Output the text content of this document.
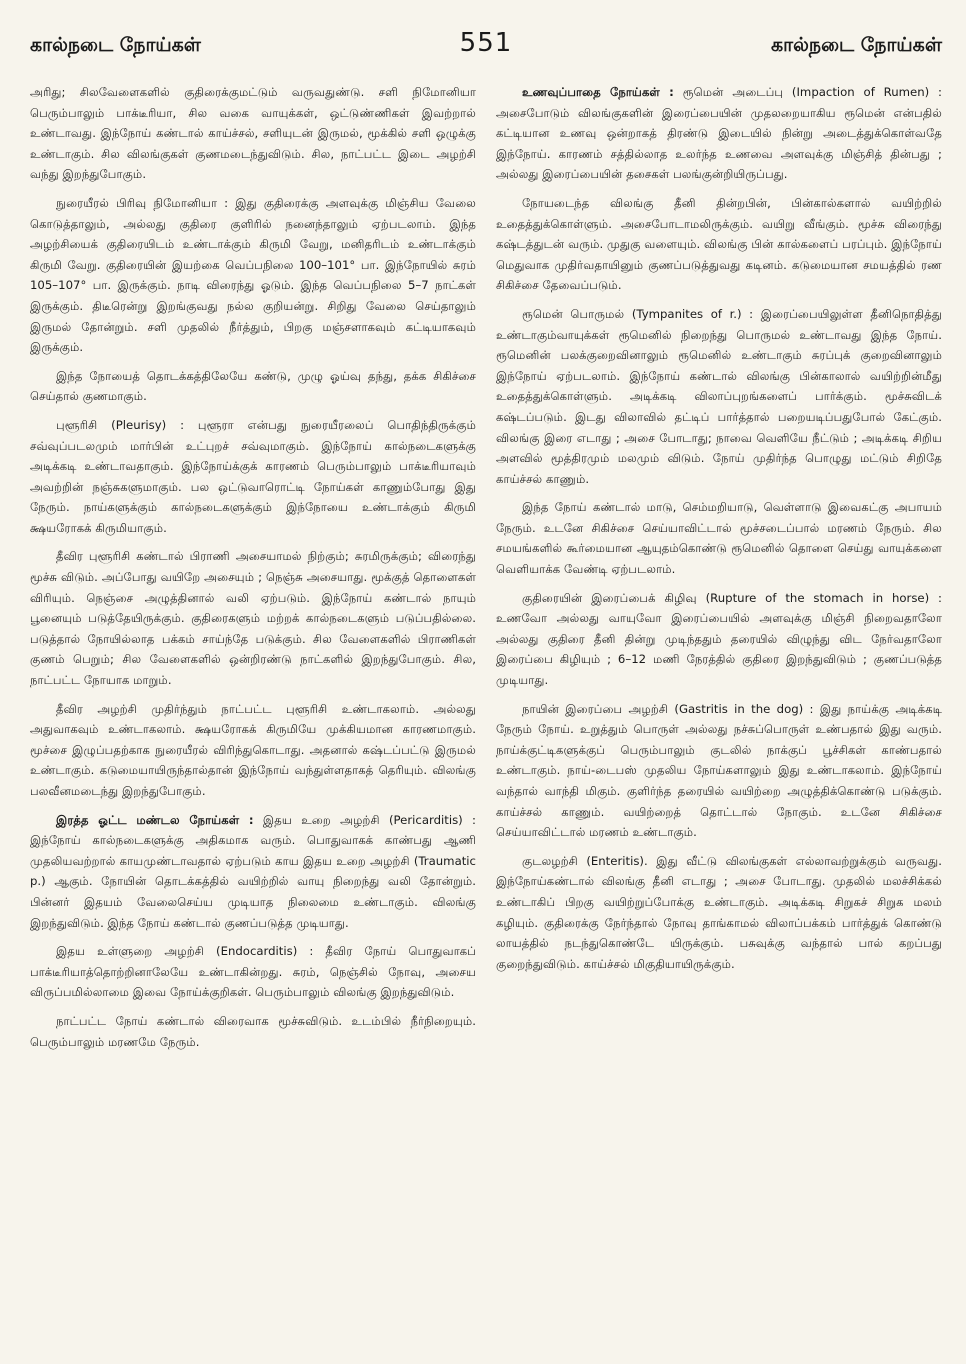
கால்நடை நோய்கள்	551	கால்நடை நோய்கள்

அரிது; சிலவேளைகளில் குதிரைக்குமட்டும் வருவதுண்டு. சளி நிமோனியா பெரும்பாலும் பாக்டீரியா, சில வகை வாயுக்கள், ஒட்டுண்ணிகள் இவற்றால் உண்டாவது. இந்நோய் கண்டால் காய்ச்சல், சளியுடன் இருமல், மூக்கில் சளி ஒழுக்கு உண்டாகும். சில விலங்குகள் குணமடைந்துவிடும். சில, நாட்பட்ட இடை அழற்சி வந்து இறந்துபோகும்.

நுரையீரல் பிரிவு நிமோனியா : இது குதிரைக்கு அளவுக்கு மிஞ்சிய வேலை கொடுத்தாலும், அல்லது குதிரை குளிரில் நனைந்தாலும் ஏற்படலாம். இந்த அழற்சியைக் குதிரையிடம் உண்டாக்கும் கிருமி வேறு, மனிதரிடம் உண்டாக்கும் கிருமி வேறு. குதிரையின் இயற்கை வெப்பநிலை 100–101° பா. இந்நோயில் சுரம் 105–107° பா. இருக்கும். நாடி விரைந்து ஓடும். இந்த வெப்பநிலை 5–7 நாட்கள் இருக்கும். திடீரென்று இறங்குவது நல்ல குறியன்று. சிறிது வேலை செய்தாலும் இருமல் தோன்றும். சளி முதலில் நீர்த்தும், பிறகு மஞ்சளாகவும் கட்டியாகவும் இருக்கும்.

இந்த நோயைத் தொடக்கத்திலேயே கண்டு, முழு ஓய்வு தந்து, தக்க சிகிச்சை செய்தால் குணமாகும்.

புளூரிசி (Pleurisy) : புளூரா என்பது நுரையீரலைப் பொதிந்திருக்கும் சவ்வுப்படலமும் மார்பின் உட்புறச் சவ்வுமாகும். இந்நோய் கால்நடைகளுக்கு அடிக்கடி உண்டாவதாகும். இந்நோய்க்குக் காரணம் பெரும்பாலும் பாக்டீரியாவும் அவற்றின் நஞ்சுகளுமாகும். பல ஒட்டுவாரொட்டி நோய்கள் காணும்போது இது நேரும். நாய்களுக்கும் கால்நடைகளுக்கும் இந்நோயை உண்டாக்கும் கிருமி க்ஷயரோகக் கிருமியாகும்.

தீவிர புளூரிசி கண்டால் பிராணி அசையாமல் நிற்கும்; சுரமிருக்கும்; விரைந்து மூச்சு விடும். அப்போது வயிறே அசையும் ; நெஞ்சு அசையாது. மூக்குத் தொளைகள் விரியும். நெஞ்சை அழுத்தினால் வலி ஏற்படும். இந்நோய் கண்டால் நாயும் பூனையும் படுத்தேயிருக்கும். குதிரைகளும் மற்றக் கால்நடைகளும் படுப்பதில்லை. படுத்தால் நோயில்லாத பக்கம் சாய்ந்தே படுக்கும். சில வேளைகளில் பிராணிகள் குணம் பெறும்; சில வேளைகளில் ஒன்றிரண்டு நாட்களில் இறந்துபோகும். சில, நாட்பட்ட நோயாக மாறும்.

தீவிர அழற்சி முதிர்ந்தும் நாட்பட்ட புளூரிசி உண்டாகலாம். அல்லது அதுவாகவும் உண்டாகலாம். க்ஷயரோகக் கிருமியே முக்கியமான காரணமாகும். மூச்சை இழுப்பதற்காக நுரையீரல் விரிந்துகொடாது. அதனால் கஷ்டப்பட்டு இருமல் உண்டாகும். கடுமையாயிருந்தால்தான் இந்நோய் வந்துள்ளதாகத் தெரியும். விலங்கு பலவீனமடைந்து இறந்துபோகும்.

இரத்த ஓட்ட மண்டல நோய்கள் : இதய உறை அழற்சி (Pericarditis) : இந்நோய் கால்நடைகளுக்கு அதிகமாக வரும். பொதுவாகக் காண்பது ஆணி முதலியவற்றால் காயமுண்டாவதால் ஏற்படும் காய இதய உறை அழற்சி (Traumatic p.) ஆகும். நோயின் தொடக்கத்தில் வயிற்றில் வாயு நிறைந்து வலி தோன்றும். பின்னர் இதயம் வேலைசெய்ய முடியாத நிலைமை உண்டாகும். விலங்கு இறந்துவிடும். இந்த நோய் கண்டால் குணப்படுத்த முடியாது.

இதய உள்ளுறை அழற்சி (Endocarditis) : தீவிர நோய் பொதுவாகப் பாக்டீரியாத்தொற்றினாலேயே உண்டாகின்றது. சுரம், நெஞ்சில் நோவு, அசைய விருப்பமில்லாமை இவை நோய்க்குறிகள். பெரும்பாலும் விலங்கு இறந்துவிடும்.

நாட்பட்ட நோய் கண்டால் விரைவாக மூச்சுவிடும். உடம்பில் நீர்நிறையும். பெரும்பாலும் மரணமே நேரும்.

உணவுப்பாதை நோய்கள் : ரூமென் அடைப்பு (Impaction of Rumen) : அசைபோடும் விலங்குகளின் இரைப்பையின் முதலறையாகிய ரூமென் என்பதில் கட்டியான உணவு ஒன்றாகத் திரண்டு இடையில் நின்று அடைத்துக்கொள்வதே இந்நோய். காரணம் சத்தில்லாத உலர்ந்த உணவை அளவுக்கு மிஞ்சித் தின்பது ; அல்லது இரைப்பையின் தசைகள் பலங்குன்றியிருப்பது.

நோயடைந்த விலங்கு தீனி தின்றபின், பின்கால்களால் வயிற்றில் உதைத்துக்கொள்ளும். அசைபோடாமலிருக்கும். வயிறு வீங்கும். மூச்சு விரைந்து கஷ்டத்துடன் வரும். முதுகு வளையும். விலங்கு பின் கால்களைப் பரப்பும். இந்நோய் மெதுவாக முதிர்வதாயினும் குணப்படுத்துவது கடினம். கடுமையான சமயத்தில் ரண சிகிச்சை தேவைப்படும்.

ரூமென் பொருமல் (Tympanites of r.) : இரைப்பையிலுள்ள தீனிநொதித்து உண்டாகும்வாயுக்கள் ரூமெனில் நிறைந்து பொருமல் உண்டாவது இந்த நோய். ரூமெனின் பலக்குறைவினாலும் ரூமெனில் உண்டாகும் சுரப்புக் குறைவினாலும் இந்நோய் ஏற்படலாம். இந்நோய் கண்டால் விலங்கு பின்காலால் வயிற்றின்மீது உதைத்துக்கொள்ளும். அடிக்கடி விலாப்புறங்களைப் பார்க்கும். மூச்சுவிடக் கஷ்டப்படும். இடது விலாவில் தட்டிப் பார்த்தால் பறையடிப்பதுபோல் கேட்கும். விலங்கு இரை எடாது ; அசை போடாது; நாவை வெளியே நீட்டும் ; அடிக்கடி சிறிய அளவில் மூத்திரமும் மலமும் விடும். நோய் முதிர்ந்த பொழுது மட்டும் சிறிதே காய்ச்சல் காணும்.

இந்த நோய் கண்டால் மாடு, செம்மறியாடு, வெள்ளாடு இவைகட்கு அபாயம் நேரும். உடனே சிகிச்சை செய்யாவிட்டால் மூச்சடைப்பால் மரணம் நேரும். சில சமயங்களில் கூர்மையான ஆயுதம்கொண்டு ரூமெனில் தொளை செய்து வாயுக்களை வெளியாக்க வேண்டி ஏற்படலாம்.

குதிரையின் இரைப்பைக் கிழிவு (Rupture of the stomach in horse) : உணவோ அல்லது வாயுவோ இரைப்பையில் அளவுக்கு மிஞ்சி நிறைவதாலோ அல்லது குதிரை தீனி தின்று முடிந்ததும் தரையில் விழுந்து விட நேர்வதாலோ இரைப்பை கிழியும் ; 6–12 மணி நேரத்தில் குதிரை இறந்துவிடும் ; குணப்படுத்த முடியாது.

நாயின் இரைப்பை அழற்சி (Gastritis in the dog) : இது நாய்க்கு அடிக்கடி நேரும் நோய். உறுத்தும் பொருள் அல்லது நச்சுப்பொருள் உண்பதால் இது வரும். நாய்க்குட்டிகளுக்குப் பெரும்பாலும் குடலில் நாக்குப் பூச்சிகள் காண்பதால் உண்டாகும். நாய்-டைபஸ் முதலிய நோய்களாலும் இது உண்டாகலாம். இந்நோய் வந்தால் வாந்தி மிகும். குளிர்ந்த தரையில் வயிற்றை அழுத்திக்கொண்டு படுக்கும். காய்ச்சல் காணும். வயிற்றைத் தொட்டால் நோகும். உடனே சிகிச்சை செய்யாவிட்டால் மரணம் உண்டாகும்.

குடலழற்சி (Enteritis). இது வீட்டு விலங்குகள் எல்லாவற்றுக்கும் வருவது. இந்நோய்கண்டால் விலங்கு தீனி எடாது ; அசை போடாது. முதலில் மலச்சிக்கல் உண்டாகிப் பிறகு வயிற்றுப்போக்கு உண்டாகும். அடிக்கடி சிறுகச் சிறுக மலம் கழியும். குதிரைக்கு நேர்ந்தால் நோவு தாங்காமல் விலாப்பக்கம் பார்த்துக் கொண்டு லாயத்தில் நடந்துகொண்டே யிருக்கும். பசுவுக்கு வந்தால் பால் கறப்பது குறைந்துவிடும். காய்ச்சல் மிகுதியாயிருக்கும்.
